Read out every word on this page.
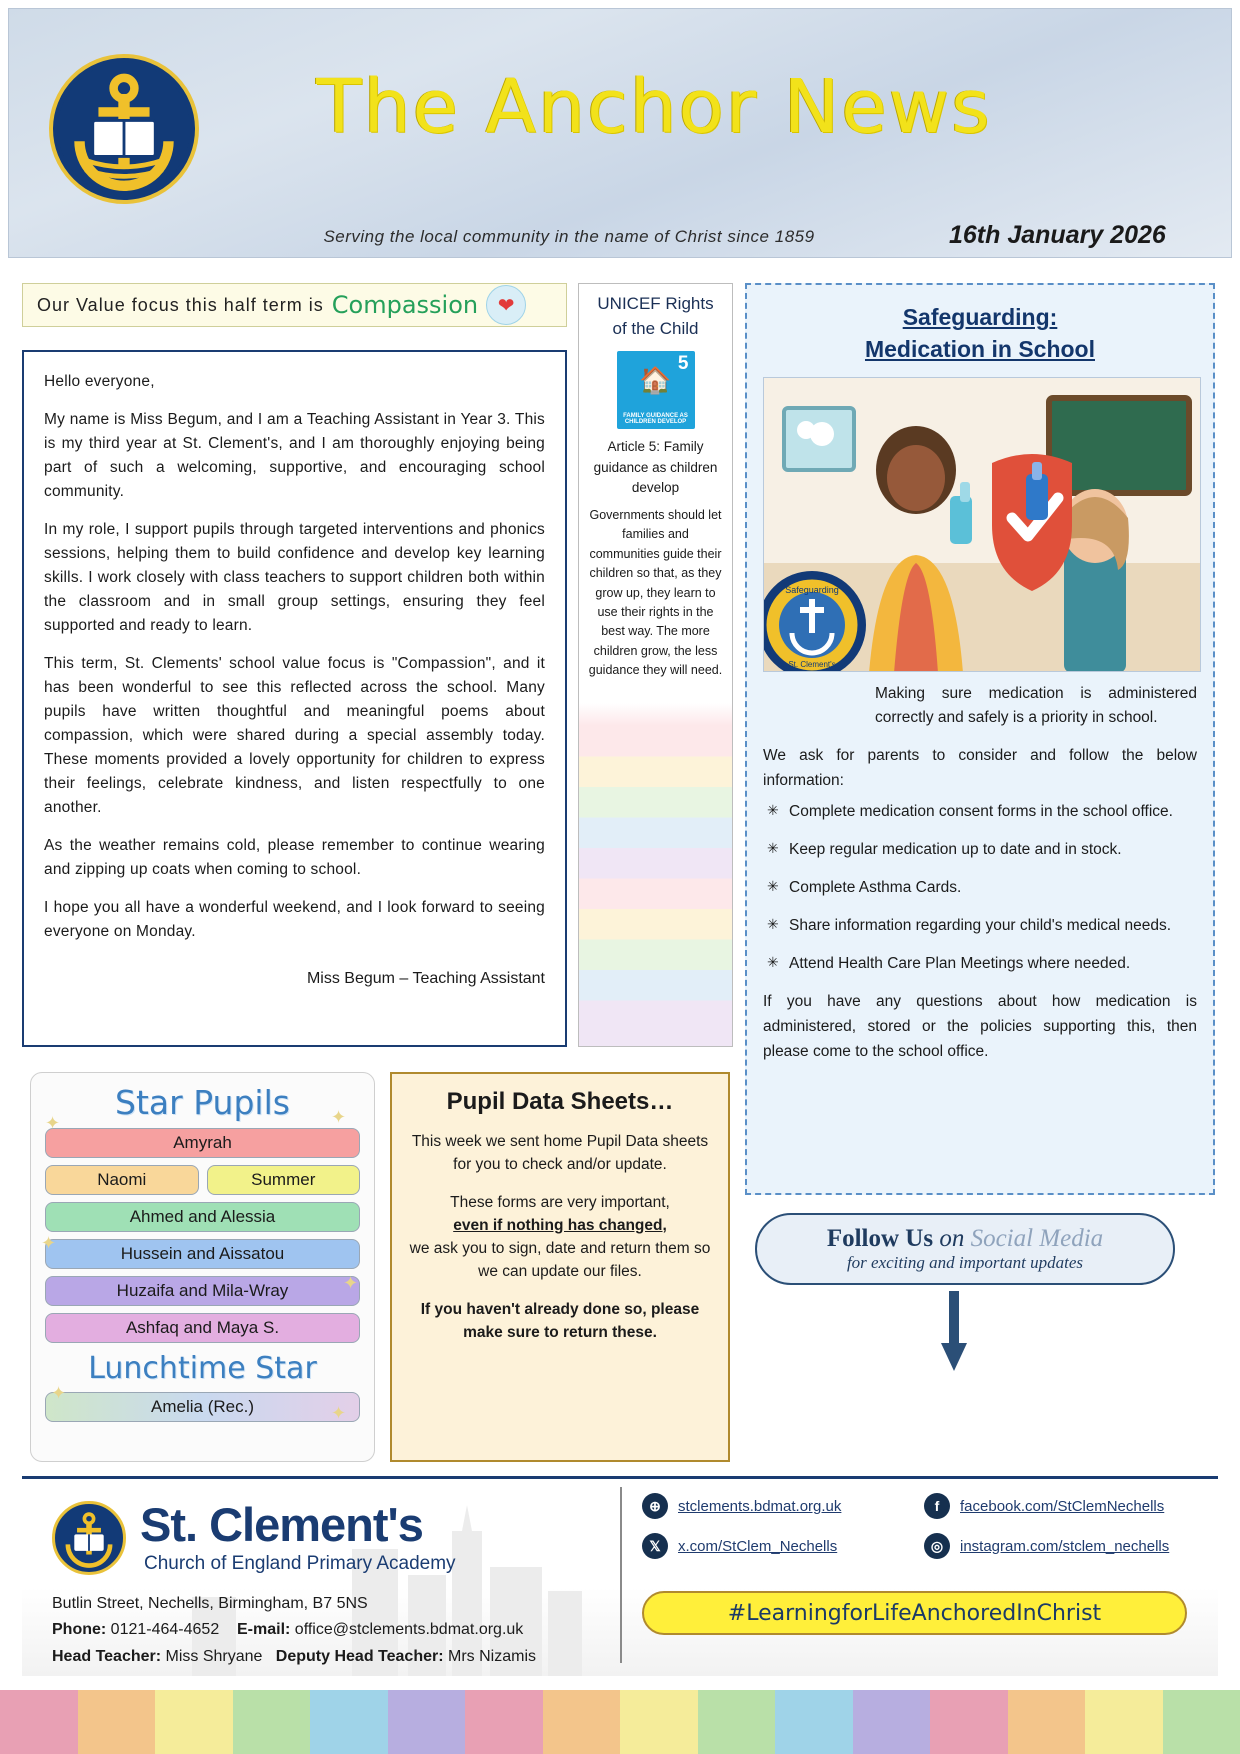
The Anchor News
Serving the local community in the name of Christ since 1859	16th January 2026
Our Value focus this half term is Compassion ❤

Hello everyone,

My name is Miss Begum, and I am a Teaching Assistant in Year 3. This is my third year at St. Clement's, and I am thoroughly enjoying being part of such a welcoming, supportive, and encouraging school community.

In my role, I support pupils through targeted interventions and phonics sessions, helping them to build confidence and develop key learning skills. I work closely with class teachers to support children both within the classroom and in small group settings, ensuring they feel supported and ready to learn.

This term, St. Clements' school value focus is "Compassion", and it has been wonderful to see this reflected across the school. Many pupils have written thoughtful and meaningful poems about compassion, which were shared during a special assembly today. These moments provided a lovely opportunity for children to express their feelings, celebrate kindness, and listen respectfully to one another.

As the weather remains cold, please remember to continue wearing and zipping up coats when coming to school.

I hope you all have a wonderful weekend, and I look forward to seeing everyone on Monday.

Miss Begum – Teaching Assistant
UNICEF Rights of the Child
5
🏠
FAMILY GUIDANCE AS CHILDREN DEVELOP
Article 5: Family guidance as children develop
Governments should let families and communities guide their children so that, as they grow up, they learn to use their rights in the best way. The more children grow, the less guidance they will need.
Safeguarding:
Medication in School
Safeguarding
St. Clement's
Making sure medication is administered correctly and safely is a priority in school.

We ask for parents to consider and follow the below information:

✳ Complete medication consent forms in the school office.
✳ Keep regular medication up to date and in stock.
✳ Complete Asthma Cards.
✳ Share information regarding your child's medical needs.
✳ Attend Health Care Plan Meetings where needed.

If you have any questions about how medication is administered, stored or the policies supporting this, then please come to the school office.

✦	✦
✦
✦
✦
✦
Star Pupils
Amyrah
Naomi	Summer
Ahmed and Alessia
Hussein and Aissatou
Huzaifa and Mila-Wray
Ashfaq and Maya S.
Lunchtime Star
Amelia (Rec.)
Pupil Data Sheets…

This week we sent home Pupil Data sheets for you to check and/or update.

These forms are very important,
even if nothing has changed,
we ask you to sign, date and return them so we can update our files.

If you haven't already done so, please make sure to return these.

Follow Us on Social Media
for exciting and important updates
St. Clement's
Church of England Primary Academy
Butlin Street, Nechells, Birmingham, B7 5NS
Phone: 0121-464-4652 E-mail: office@stclements.bdmat.org.uk
Head Teacher: Miss Shryane Deputy Head Teacher: Mrs Nizamis
⊕	stclements.bdmat.org.uk	f	facebook.com/StClemNechells
𝕏	x.com/StClem_Nechells	◎	instagram.com/stclem_nechells
#LearningforLifeAnchoredInChrist
